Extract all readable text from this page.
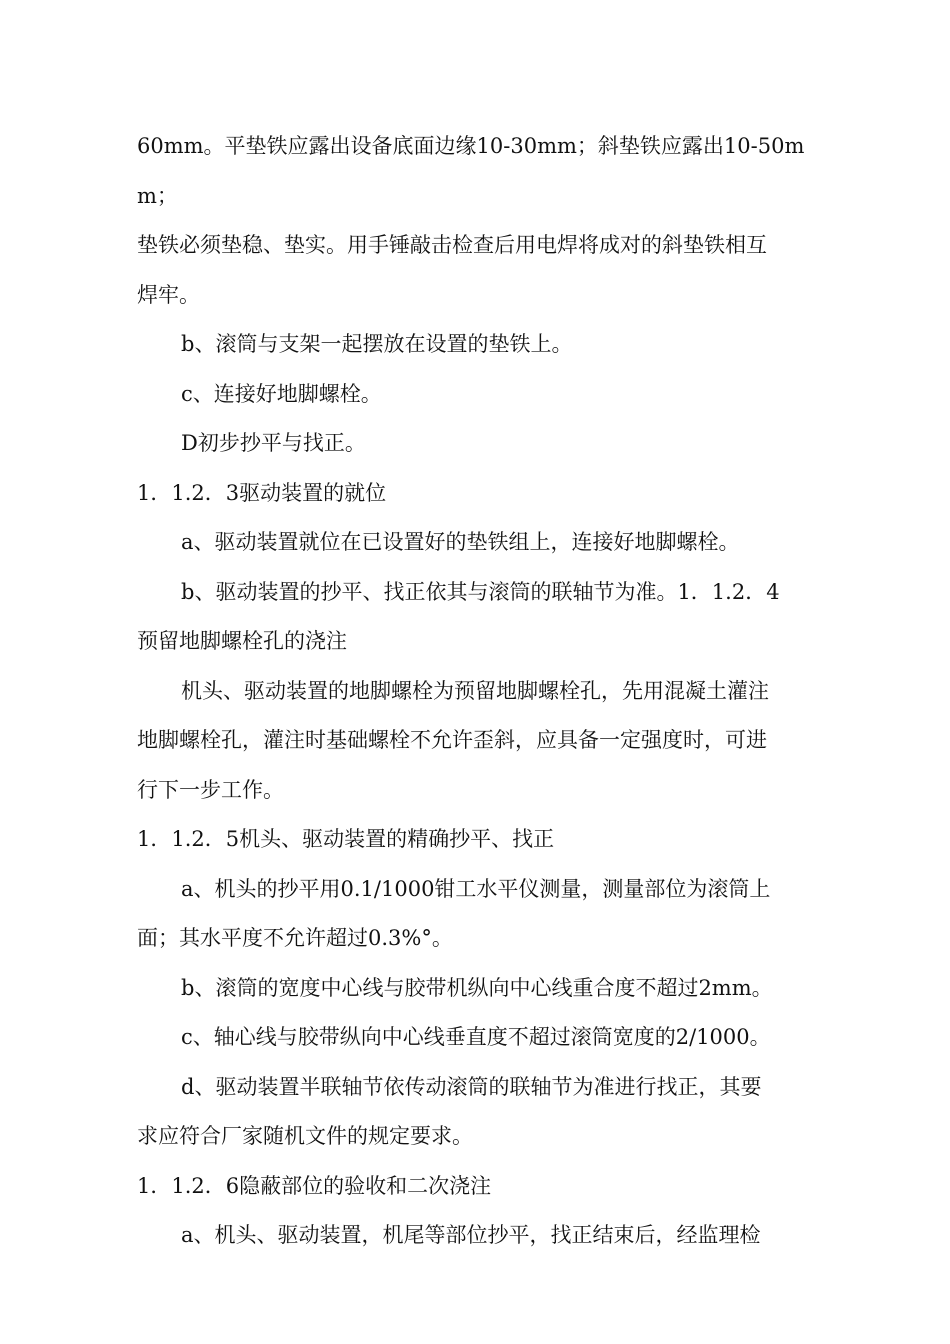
60mm。平垫铁应露出设备底面边缘10-30mm；斜垫铁应露出10-50mm；
垫铁必须垫稳、垫实。用手锤敲击检查后用电焊将成对的斜垫铁相互
焊牢。
b、滚筒与支架一起摆放在设置的垫铁上。
c、连接好地脚螺栓。
D初步抄平与找正。
1．1.2．3驱动装置的就位
a、驱动装置就位在已设置好的垫铁组上，连接好地脚螺栓。
b、驱动装置的抄平、找正依其与滚筒的联轴节为准。1．1.2．4
预留地脚螺栓孔的浇注
机头、驱动装置的地脚螺栓为预留地脚螺栓孔，先用混凝土灌注
地脚螺栓孔，灌注时基础螺栓不允许歪斜，应具备一定强度时，可进
行下一步工作。
1．1.2．5机头、驱动装置的精确抄平、找正
a、机头的抄平用0.1/1000钳工水平仪测量，测量部位为滚筒上
面；其水平度不允许超过0.3%°。
b、滚筒的宽度中心线与胶带机纵向中心线重合度不超过2mm。
c、轴心线与胶带纵向中心线垂直度不超过滚筒宽度的2/1000。
d、驱动装置半联轴节依传动滚筒的联轴节为准进行找正，其要
求应符合厂家随机文件的规定要求。
1．1.2．6隐蔽部位的验收和二次浇注
a、机头、驱动装置，机尾等部位抄平，找正结束后，经监理检
